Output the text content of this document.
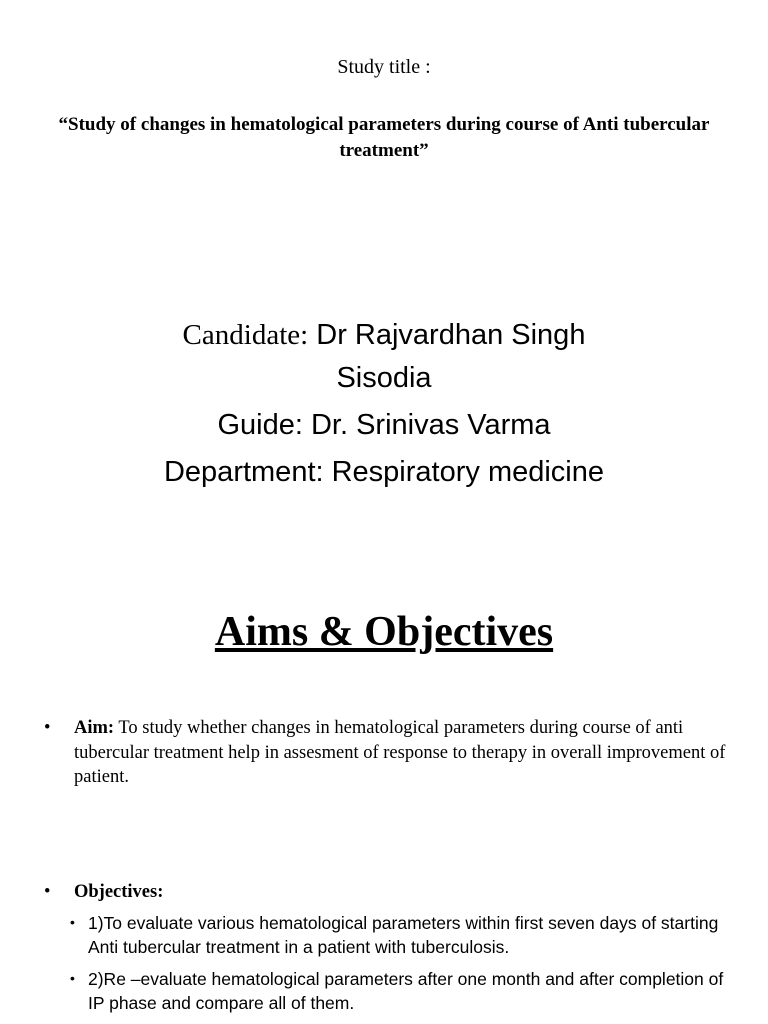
Study title :
“Study of changes in hematological parameters during course of Anti tubercular treatment”
Candidate: Dr Rajvardhan Singh
Sisodia
Guide: Dr. Srinivas Varma
Department: Respiratory medicine
Aims & Objectives
• Aim: To study whether changes in hematological parameters during course of anti tubercular treatment help in assesment of response to therapy in overall improvement of patient.
• Objectives:
• 1)To evaluate various hematological parameters within first seven days of starting Anti tubercular treatment in a patient with tuberculosis.
• 2)Re –evaluate hematological parameters after one month and after completion of IP phase and compare all of them.
